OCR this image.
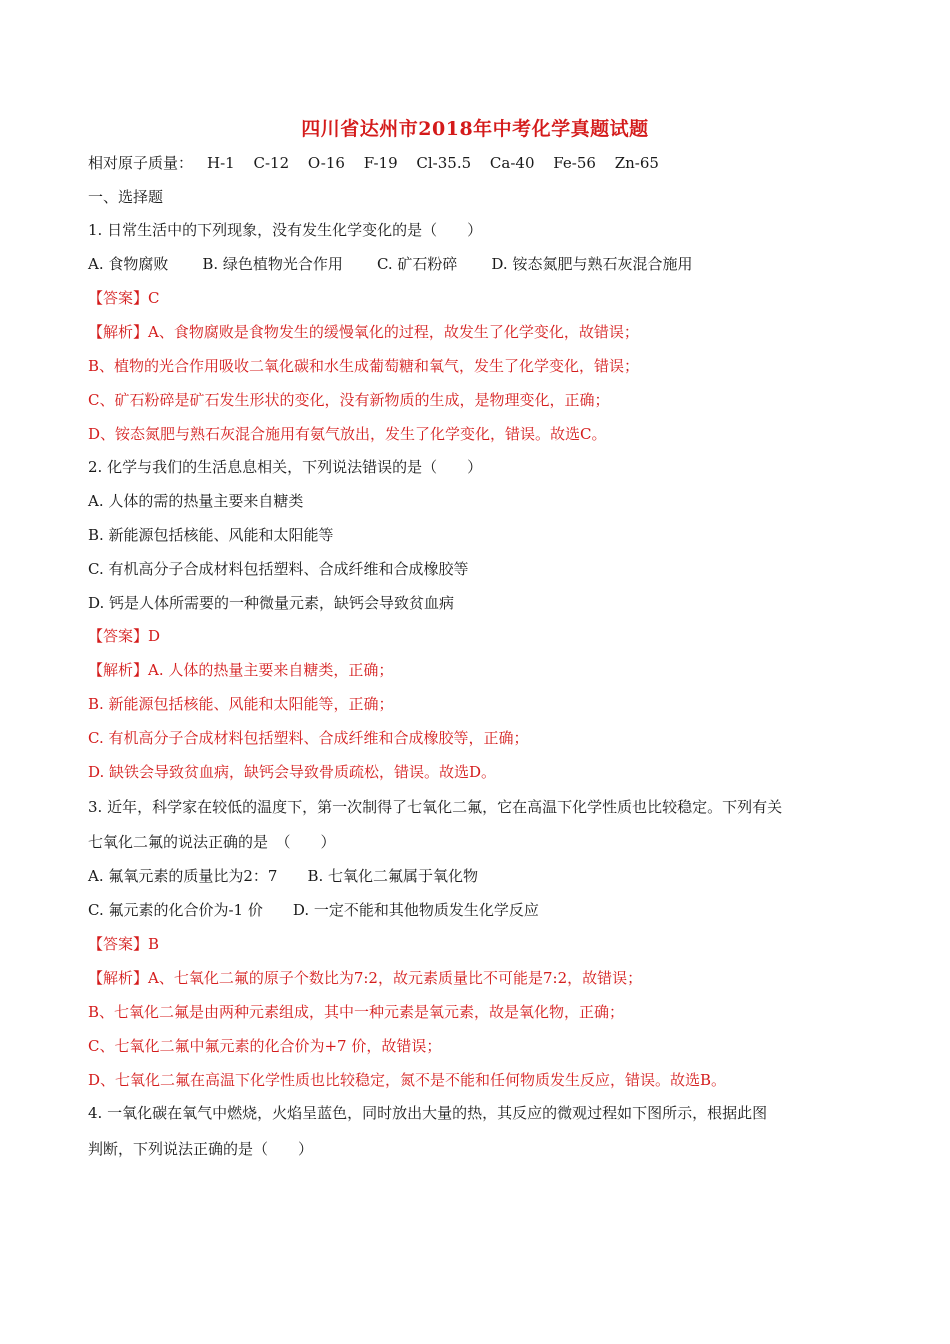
四川省达州市2018年中考化学真题试题
相对原子质量： H-1 C-12 O-16 F-19 Cl-35.5 Ca-40 Fe-56 Zn-65
一、选择题
1. 日常生活中的下列现象，没有发生化学变化的是（　　）
A. 食物腐败 B. 绿色植物光合作用 C. 矿石粉碎 D. 铵态氮肥与熟石灰混合施用
【答案】C
【解析】A、食物腐败是食物发生的缓慢氧化的过程，故发生了化学变化，故错误；
B、植物的光合作用吸收二氧化碳和水生成葡萄糖和氧气，发生了化学变化，错误；
C、矿石粉碎是矿石发生形状的变化，没有新物质的生成，是物理变化，正确；
D、铵态氮肥与熟石灰混合施用有氨气放出，发生了化学变化，错误。故选C。
2. 化学与我们的生活息息相关，下列说法错误的是（　　）
A. 人体的需的热量主要来自糖类
B. 新能源包括核能、风能和太阳能等
C. 有机高分子合成材料包括塑料、合成纤维和合成橡胶等
D. 钙是人体所需要的一种微量元素，缺钙会导致贫血病
【答案】D
【解析】A. 人体的热量主要来自糖类，正确；
B. 新能源包括核能、风能和太阳能等，正确；
C. 有机高分子合成材料包括塑料、合成纤维和合成橡胶等，正确；
D. 缺铁会导致贫血病，缺钙会导致骨质疏松，错误。故选D。
3. 近年，科学家在较低的温度下，第一次制得了七氧化二氟，它在高温下化学性质也比较稳定。下列有关
七氧化二氟的说法正确的是　（　　）
A. 氟氧元素的质量比为2：7 B. 七氧化二氟属于氧化物
C. 氟元素的化合价为-1 价 D. 一定不能和其他物质发生化学反应
【答案】B
【解析】A、七氧化二氟的原子个数比为7:2，故元素质量比不可能是7:2，故错误；
B、七氧化二氟是由两种元素组成，其中一种元素是氧元素，故是氧化物，正确；
C、七氧化二氟中氟元素的化合价为+7 价，故错误；
D、七氧化二氟在高温下化学性质也比较稳定，氮不是不能和任何物质发生反应，错误。故选B。
4. 一氧化碳在氧气中燃烧，火焰呈蓝色，同时放出大量的热，其反应的微观过程如下图所示，根据此图
判断，下列说法正确的是（　　）
